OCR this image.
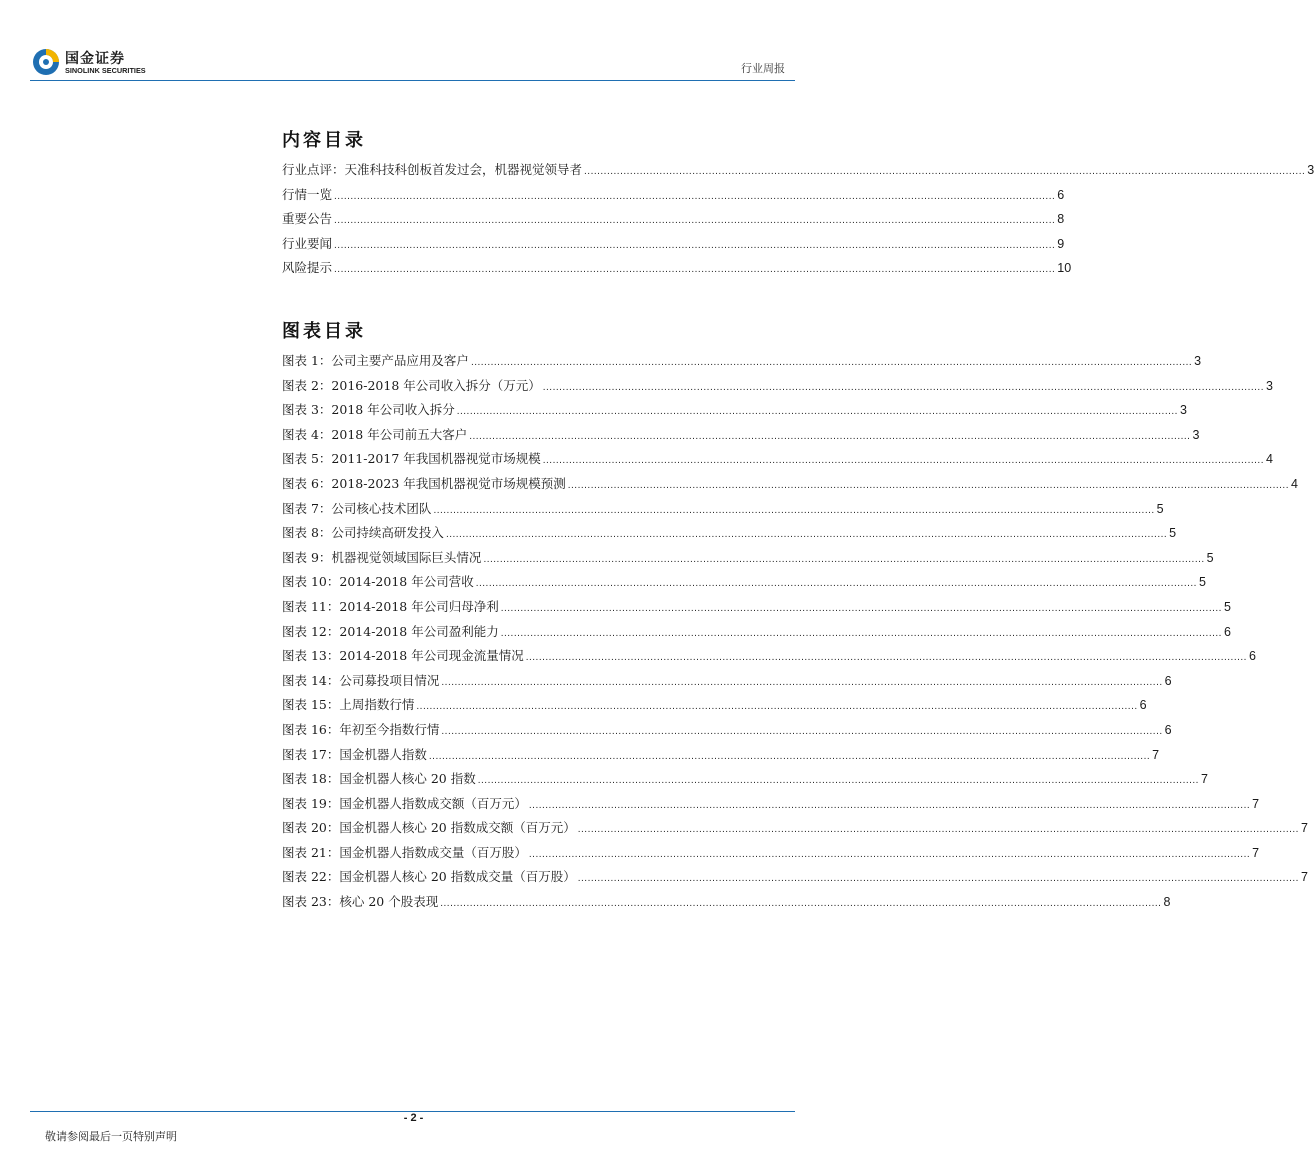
国金证券
SINOLINK SECURITIES	行业周报
内容目录
行业点评：天准科技科创板首发过会，机器视觉领导者 ............................................................................................................................................................................................................................ 3
行情一览 ............................................................................................................................................................................................................................ 6
重要公告 ............................................................................................................................................................................................................................ 8
行业要闻 ............................................................................................................................................................................................................................ 9
风险提示 ............................................................................................................................................................................................................................ 10
图表目录
图表 1：公司主要产品应用及客户 ............................................................................................................................................................................................................................ 3
图表 2：2016-2018 年公司收入拆分（万元） ............................................................................................................................................................................................................................ 3
图表 3：2018 年公司收入拆分 ............................................................................................................................................................................................................................ 3
图表 4：2018 年公司前五大客户 ............................................................................................................................................................................................................................ 3
图表 5：2011-2017 年我国机器视觉市场规模 ............................................................................................................................................................................................................................ 4
图表 6：2018-2023 年我国机器视觉市场规模预测 ............................................................................................................................................................................................................................ 4
图表 7：公司核心技术团队 ............................................................................................................................................................................................................................ 5
图表 8：公司持续高研发投入 ............................................................................................................................................................................................................................ 5
图表 9：机器视觉领域国际巨头情况 ............................................................................................................................................................................................................................ 5
图表 10：2014-2018 年公司营收 ............................................................................................................................................................................................................................ 5
图表 11：2014-2018 年公司归母净利 ............................................................................................................................................................................................................................ 5
图表 12：2014-2018 年公司盈利能力 ............................................................................................................................................................................................................................ 6
图表 13：2014-2018 年公司现金流量情况 ............................................................................................................................................................................................................................ 6
图表 14：公司募投项目情况 ............................................................................................................................................................................................................................ 6
图表 15：上周指数行情 ............................................................................................................................................................................................................................ 6
图表 16：年初至今指数行情 ............................................................................................................................................................................................................................ 6
图表 17：国金机器人指数 ............................................................................................................................................................................................................................ 7
图表 18：国金机器人核心 20 指数 ............................................................................................................................................................................................................................ 7
图表 19：国金机器人指数成交额（百万元） ............................................................................................................................................................................................................................ 7
图表 20：国金机器人核心 20 指数成交额（百万元） ............................................................................................................................................................................................................................ 7
图表 21：国金机器人指数成交量（百万股） ............................................................................................................................................................................................................................ 7
图表 22：国金机器人核心 20 指数成交量（百万股） ............................................................................................................................................................................................................................ 7
图表 23：核心 20 个股表现 ............................................................................................................................................................................................................................ 8
- 2 -
敬请参阅最后一页特别声明
